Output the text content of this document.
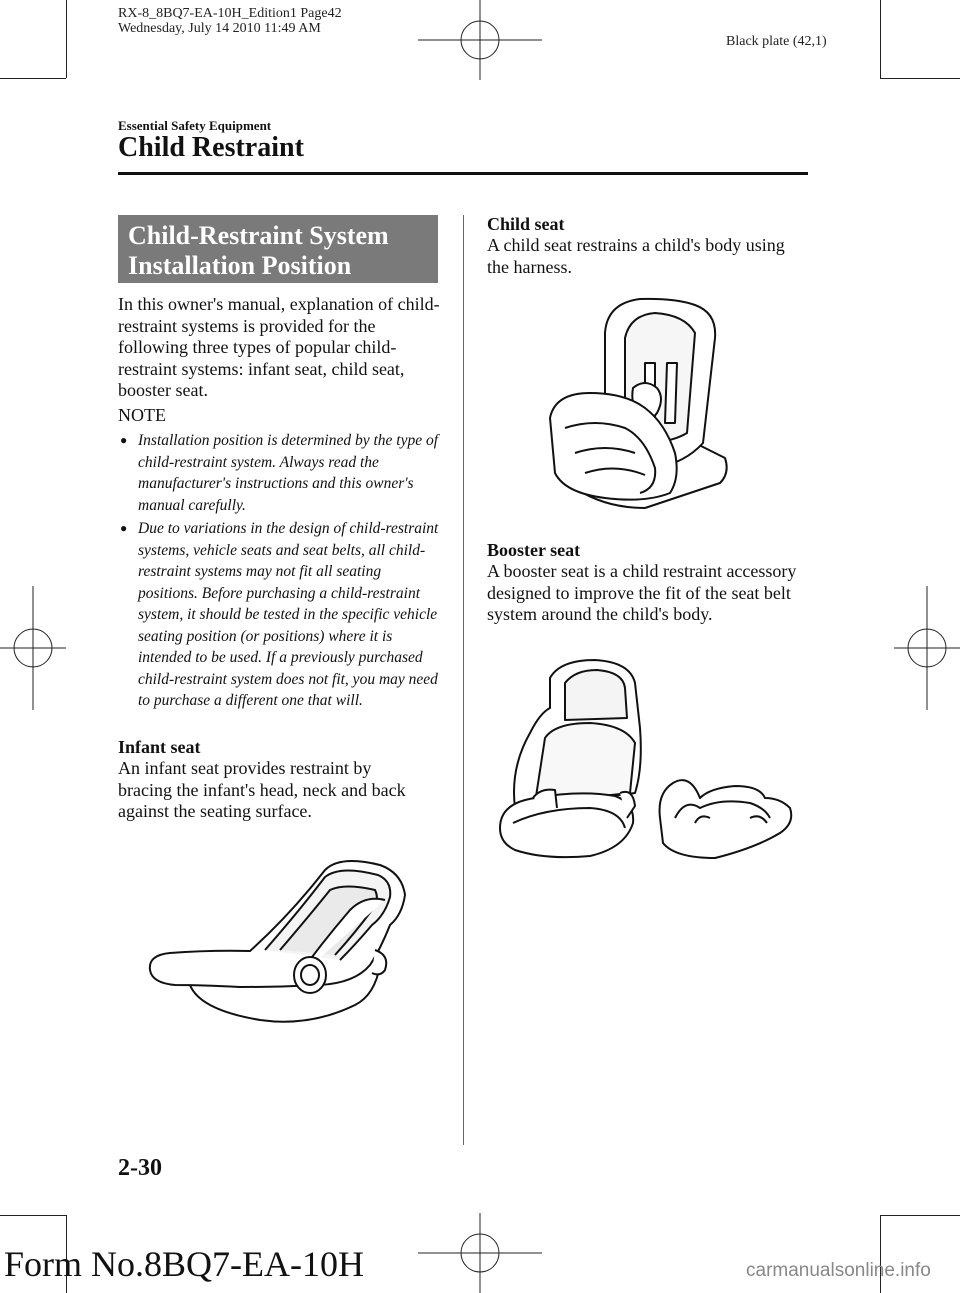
RX-8_8BQ7-EA-10H_Edition1 Page42
Wednesday, July 14 2010 11:49 AM
Black plate (42,1)
Essential Safety Equipment
Child Restraint
Child-Restraint System
Installation Position
In this owner's manual, explanation of child-restraint systems is provided for the following three types of popular child-restraint systems: infant seat, child seat, booster seat.
NOTE
● Installation position is determined by the type of child-restraint system. Always read the manufacturer's instructions and this owner's manual carefully.
● Due to variations in the design of child-restraint systems, vehicle seats and seat belts, all child-restraint systems may not fit all seating positions. Before purchasing a child-restraint system, it should be tested in the specific vehicle seating position (or positions) where it is intended to be used. If a previously purchased child-restraint system does not fit, you may need to purchase a different one that will.
Infant seat
An infant seat provides restraint by bracing the infant's head, neck and back against the seating surface.
Child seat
A child seat restrains a child's body using the harness.
Booster seat
A booster seat is a child restraint accessory designed to improve the fit of the seat belt system around the child's body.
2-30
Form No.8BQ7-EA-10H	carmanualsonline.info
